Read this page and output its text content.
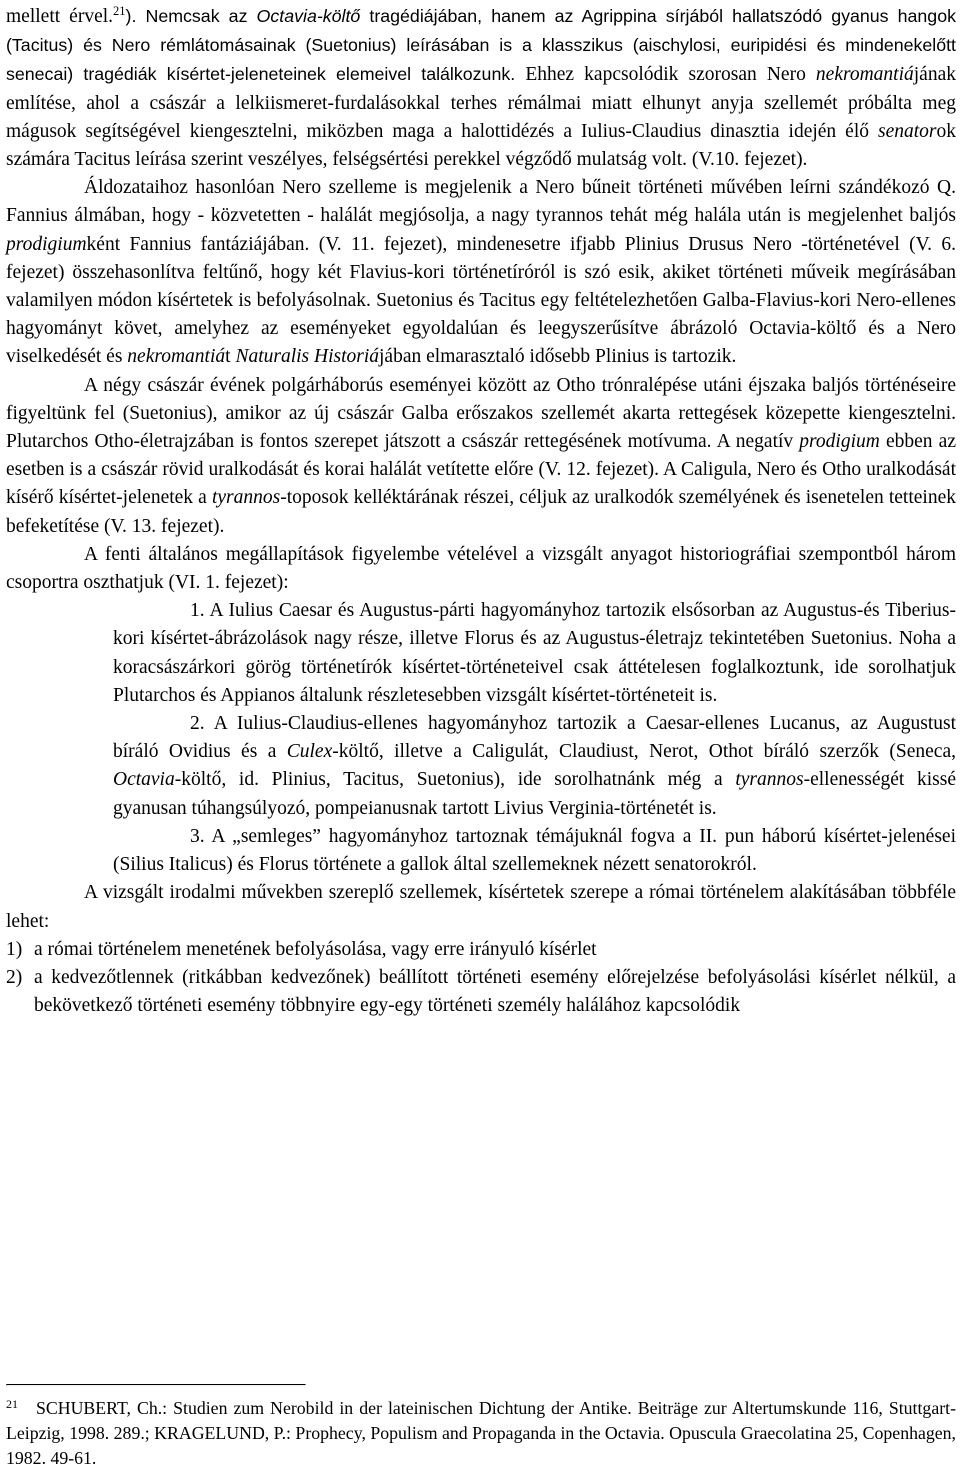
mellett érvel.$^{21}$). Nemcsak az Octavia-költő tragédiájában, hanem az Agrippina sírjából hallatszódó gyanus hangok (Tacitus) és Nero rémlátomásainak (Suetonius) leírásában is a klasszikus (aischylosi, euripidési és mindenekelőtt senecai) tragédiák kísértet-jeleneteinek elemeivel találkozunk. Ehhez kapcsolódik szorosan Nero nekromantiájának említése, ahol a császár a lelkiismeret-furdalásokkal terhes rémálmai miatt elhunyt anyja szellemét próbálta meg mágusok segítségével kiengesztelni, miközben maga a halottidézés a Iulius-Claudius dinasztia idején élő senatorok számára Tacitus leírása szerint veszélyes, felségsértési perekkel végződő mulatság volt. (V.10. fejezet).

Áldozataihoz hasonlóan Nero szelleme is megjelenik a Nero bűneit történeti művében leírni szándékozó Q. Fannius álmában, hogy - közvetetten - halálát megjósolja, a nagy tyrannos tehát még halála után is megjelenhet baljós prodigiumként Fannius fantáziájában. (V. 11. fejezet), mindenesetre ifjabb Plinius Drusus Nero -történetével (V. 6. fejezet) összehasonlítva feltűnő, hogy két Flavius-kori történetíróról is szó esik, akiket történeti műveik megírásában valamilyen módon kísértetek is befolyásolnak. Suetonius és Tacitus egy feltételezhetően Galba-Flavius-kori Nero-ellenes hagyományt követ, amelyhez az eseményeket egyoldalúan és leegyszerűsítve ábrázoló Octavia-költő és a Nero viselkedését és nekromantiát Naturalis Historiájában elmarasztaló idősebb Plinius is tartozik.

A négy császár évének polgárháborús eseményei között az Otho trónralépése utáni éjszaka baljós történéseire figyeltünk fel (Suetonius), amikor az új császár Galba erőszakos szellemét akarta rettegések közepette kiengesztelni. Plutarchos Otho-életrajzában is fontos szerepet játszott a császár rettegésének motívuma. A negatív prodigium ebben az esetben is a császár rövid uralkodását és korai halálát vetítette előre (V. 12. fejezet). A Caligula, Nero és Otho uralkodását kísérő kísértet-jelenetek a tyrannos-toposok kelléktárának részei, céljuk az uralkodók személyének és isenetelen tetteinek befeketítése (V. 13. fejezet).

A fenti általános megállapítások figyelembe vételével a vizsgált anyagot historiográfiai szempontból három csoportra oszthatjuk (VI. 1. fejezet):

1. A Iulius Caesar és Augustus-párti hagyományhoz tartozik elsősorban az Augustus-és Tiberius-kori kísértet-ábrázolások nagy része, illetve Florus és az Augustus-életrajz tekintetében Suetonius. Noha a koracsászárkori görög történetírók kísértet-történeteivel csak áttételesen foglalkoztunk, ide sorolhatjuk Plutarchos és Appianos általunk részletesebben vizsgált kísértet-történeteit is.

2. A Iulius-Claudius-ellenes hagyományhoz tartozik a Caesar-ellenes Lucanus, az Augustust bíráló Ovidius és a Culex-költő, illetve a Caligulát, Claudiust, Nerot, Othot bíráló szerzők (Seneca, Octavia-költő, id. Plinius, Tacitus, Suetonius), ide sorolhatnánk még a tyrannos-ellenességét kissé gyanusan túhangsúlyozó, pompeianusnak tartott Livius Verginia-történetét is.

3. A „semleges” hagyományhoz tartoznak témájuknál fogva a II. pun háború kísértet-jelenései (Silius Italicus) és Florus története a gallok által szellemeknek nézett senatorokról.

A vizsgált irodalmi művekben szereplő szellemek, kísértetek szerepe a római történelem alakításában többféle lehet:

1) a római történelem menetének befolyásolása, vagy erre irányuló kísérlet
2) a kedvezőtlennek (ritkábban kedvezőnek) beállított történeti esemény előrejelzése befolyásolási kísérlet nélkül, a bekövetkező történeti esemény többnyire egy-egy történeti személy halálához kapcsolódik

$^{21}$ SCHUBERT, Ch.: Studien zum Nerobild in der lateinischen Dichtung der Antike. Beiträge zur Altertumskunde 116, Stuttgart-Leipzig, 1998. 289.; KRAGELUND, P.: Prophecy, Populism and Propaganda in the Octavia. Opuscula Graecolatina 25, Copenhagen, 1982. 49-61.
